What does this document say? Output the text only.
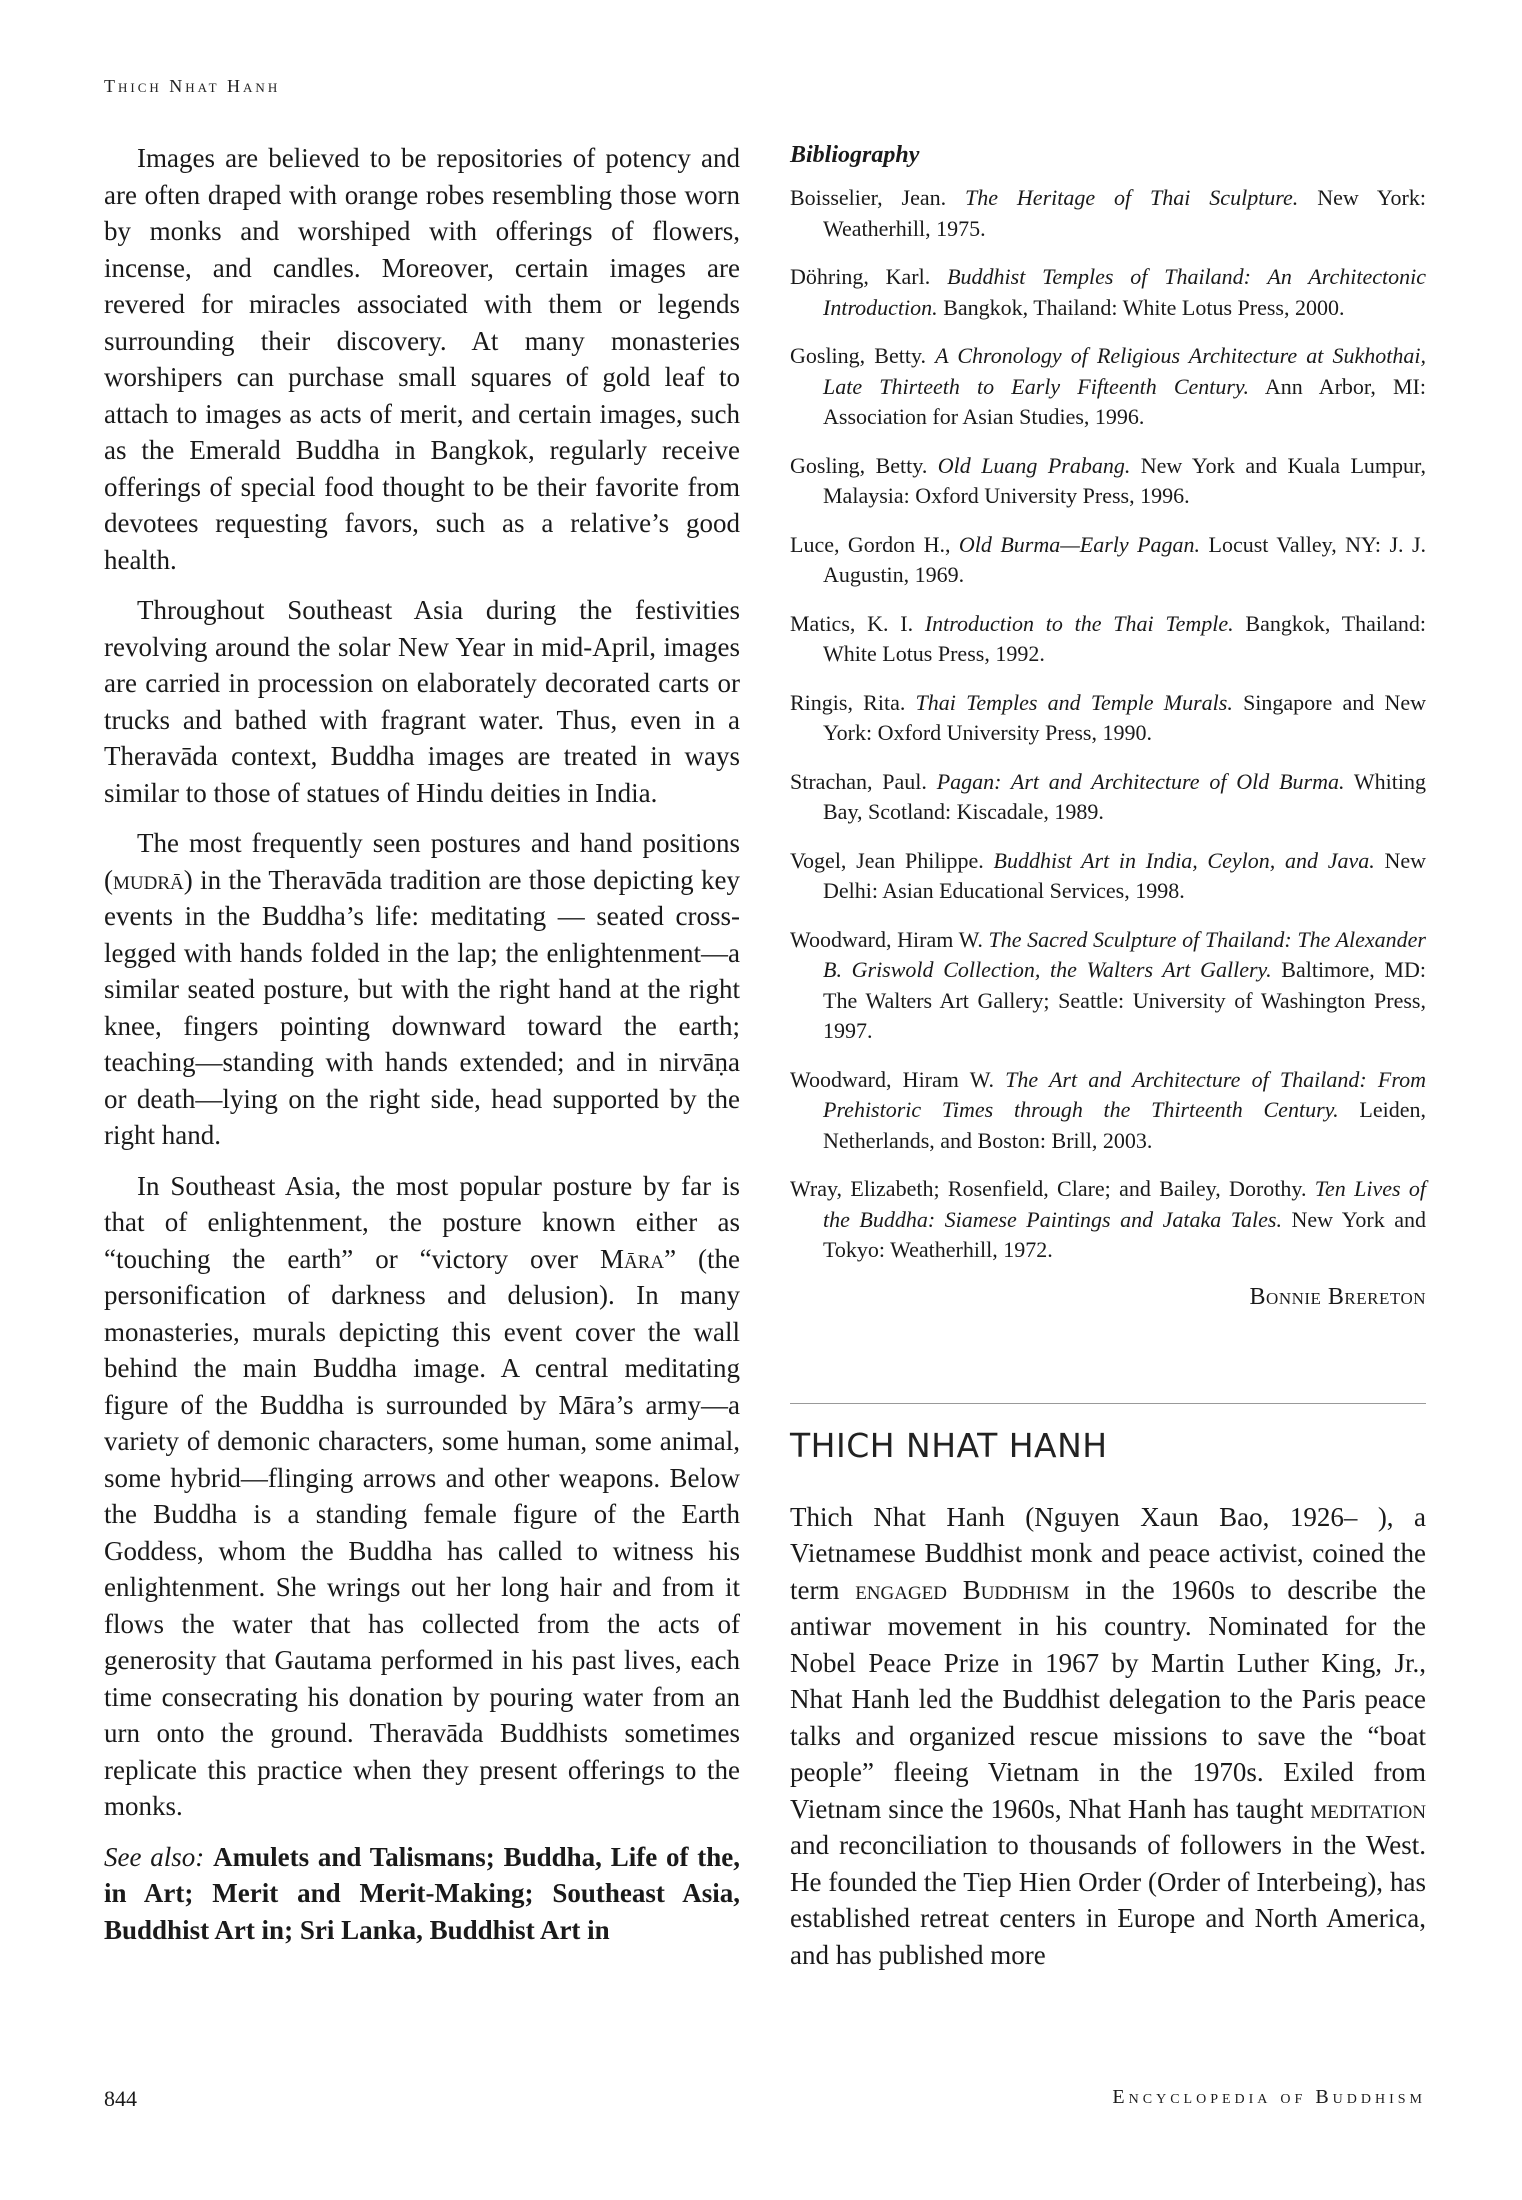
Thich Nhat Hanh

Images are believed to be repositories of potency and are often draped with orange robes resembling those worn by monks and worshiped with offerings of flowers, incense, and candles. Moreover, certain images are revered for miracles associated with them or legends surrounding their discovery. At many monasteries worshipers can purchase small squares of gold leaf to attach to images as acts of merit, and certain images, such as the Emerald Buddha in Bangkok, regularly receive offerings of special food thought to be their favorite from devotees requesting favors, such as a relative’s good health.

Throughout Southeast Asia during the festivities revolving around the solar New Year in mid-April, images are carried in procession on elaborately decorated carts or trucks and bathed with fragrant water. Thus, even in a Theravāda context, Buddha images are treated in ways similar to those of statues of Hindu deities in India.

The most frequently seen postures and hand positions (mudrā) in the Theravāda tradition are those depicting key events in the Buddha’s life: meditating — seated cross-legged with hands folded in the lap; the enlightenment—a similar seated posture, but with the right hand at the right knee, fingers pointing downward toward the earth; teaching—standing with hands extended; and in nirvāṇa or death—lying on the right side, head supported by the right hand.

In Southeast Asia, the most popular posture by far is that of enlightenment, the posture known either as “touching the earth” or “victory over Māra” (the personification of darkness and delusion). In many monasteries, murals depicting this event cover the wall behind the main Buddha image. A central meditating figure of the Buddha is surrounded by Māra’s army—a variety of demonic characters, some human, some animal, some hybrid—flinging arrows and other weapons. Below the Buddha is a standing female figure of the Earth Goddess, whom the Buddha has called to witness his enlightenment. She wrings out her long hair and from it flows the water that has collected from the acts of generosity that Gautama performed in his past lives, each time consecrating his donation by pouring water from an urn onto the ground. Theravāda Buddhists sometimes replicate this practice when they present offerings to the monks.

See also: Amulets and Talismans; Buddha, Life of the, in Art; Merit and Merit-Making; Southeast Asia, Buddhist Art in; Sri Lanka, Buddhist Art in

Bibliography

Boisselier, Jean. The Heritage of Thai Sculpture. New York: Weatherhill, 1975.

Döhring, Karl. Buddhist Temples of Thailand: An Architectonic Introduction. Bangkok, Thailand: White Lotus Press, 2000.

Gosling, Betty. A Chronology of Religious Architecture at Sukhothai, Late Thirteeth to Early Fifteenth Century. Ann Arbor, MI: Association for Asian Studies, 1996.

Gosling, Betty. Old Luang Prabang. New York and Kuala Lumpur, Malaysia: Oxford University Press, 1996.

Luce, Gordon H., Old Burma—Early Pagan. Locust Valley, NY: J. J. Augustin, 1969.

Matics, K. I. Introduction to the Thai Temple. Bangkok, Thailand: White Lotus Press, 1992.

Ringis, Rita. Thai Temples and Temple Murals. Singapore and New York: Oxford University Press, 1990.

Strachan, Paul. Pagan: Art and Architecture of Old Burma. Whiting Bay, Scotland: Kiscadale, 1989.

Vogel, Jean Philippe. Buddhist Art in India, Ceylon, and Java. New Delhi: Asian Educational Services, 1998.

Woodward, Hiram W. The Sacred Sculpture of Thailand: The Alexander B. Griswold Collection, the Walters Art Gallery. Baltimore, MD: The Walters Art Gallery; Seattle: University of Washington Press, 1997.

Woodward, Hiram W. The Art and Architecture of Thailand: From Prehistoric Times through the Thirteenth Century. Leiden, Netherlands, and Boston: Brill, 2003.

Wray, Elizabeth; Rosenfield, Clare; and Bailey, Dorothy. Ten Lives of the Buddha: Siamese Paintings and Jataka Tales. New York and Tokyo: Weatherhill, 1972.

Bonnie Brereton
THICH NHAT HANH

Thich Nhat Hanh (Nguyen Xaun Bao, 1926– ), a Vietnamese Buddhist monk and peace activist, coined the term engaged Buddhism in the 1960s to describe the antiwar movement in his country. Nominated for the Nobel Peace Prize in 1967 by Martin Luther King, Jr., Nhat Hanh led the Buddhist delegation to the Paris peace talks and organized rescue missions to save the “boat people” fleeing Vietnam in the 1970s. Exiled from Vietnam since the 1960s, Nhat Hanh has taught meditation and reconciliation to thousands of followers in the West. He founded the Tiep Hien Order (Order of Interbeing), has established retreat centers in Europe and North America, and has published more

844	Encyclopedia of Buddhism
